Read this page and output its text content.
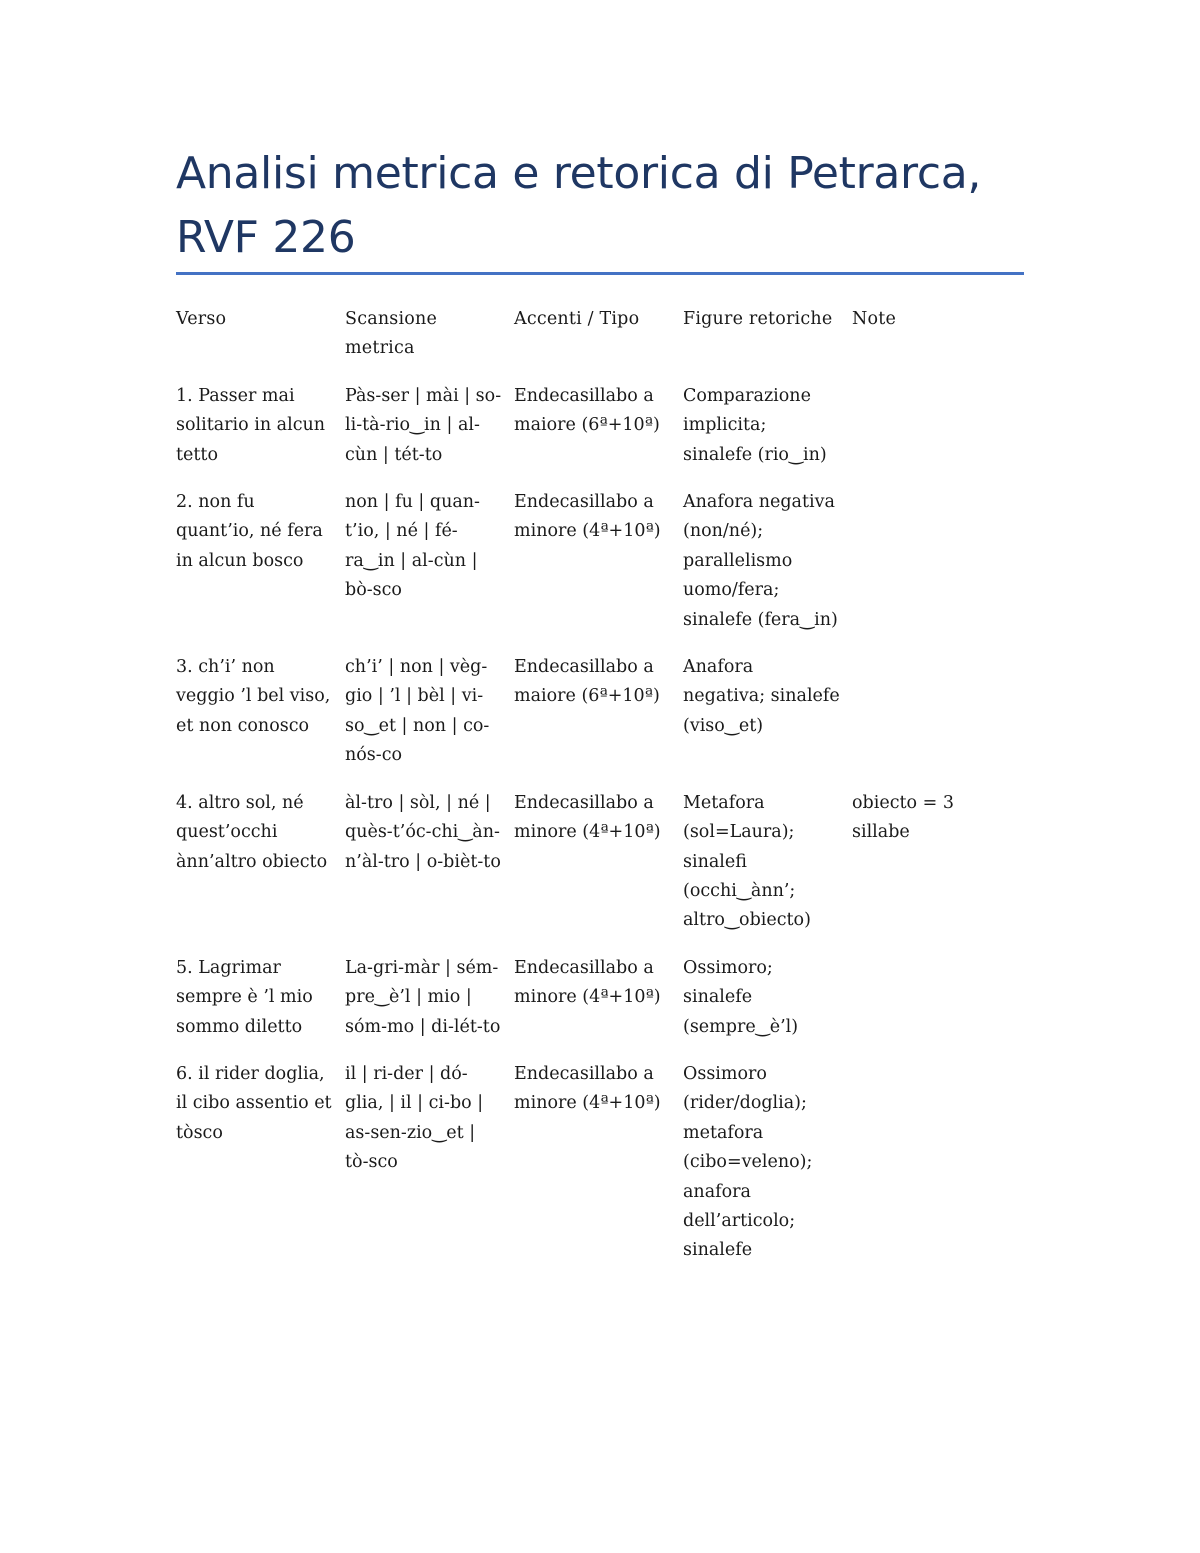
Analisi metrica e retorica di Petrarca, RVF 226
Verso	Scansione metrica	Accenti / Tipo	Figure retoriche	Note
1. Passer mai solitario in alcun tetto	Pàs-ser | mài | so-li-tà-rio‿in | al-cùn | tét-to	Endecasillabo a maiore (6ª+10ª)	Comparazione implicita; sinalefe (rio‿in)	
2. non fu quant’io, né fera in alcun bosco	non | fu | quan-t’io, | né | fé-ra‿in | al-cùn | bò-sco	Endecasillabo a minore (4ª+10ª)	Anafora negativa (non/né); parallelismo uomo/fera; sinalefe (fera‿in)	
3. ch’i’ non veggio ’l bel viso, et non conosco	ch’i’ | non | vèg-gio | ’l | bèl | vi-so‿et | non | co-nós-co	Endecasillabo a maiore (6ª+10ª)	Anafora negativa; sinalefe (viso‿et)	
4. altro sol, né quest’occhi ànn’altro obiecto	àl-tro | sòl, | né | quès-t’óc-chi‿àn-n’àl-tro | o-bièt-to	Endecasillabo a minore (4ª+10ª)	Metafora (sol=Laura); sinalefi (occhi‿ànn’; altro‿obiecto)	obiecto = 3 sillabe
5. Lagrimar sempre è ’l mio sommo diletto	La-gri-màr | sém-pre‿è’l | mio | sóm-mo | di-lét-to	Endecasillabo a minore (4ª+10ª)	Ossimoro; sinalefe (sempre‿è’l)	
6. il rider doglia, il cibo assentio et tòsco	il | ri-der | dó-glia, | il | ci-bo | as-sen-zio‿et | tò-sco	Endecasillabo a minore (4ª+10ª)	Ossimoro (rider/doglia); metafora (cibo=veleno); anafora dell’articolo; sinalefe	
